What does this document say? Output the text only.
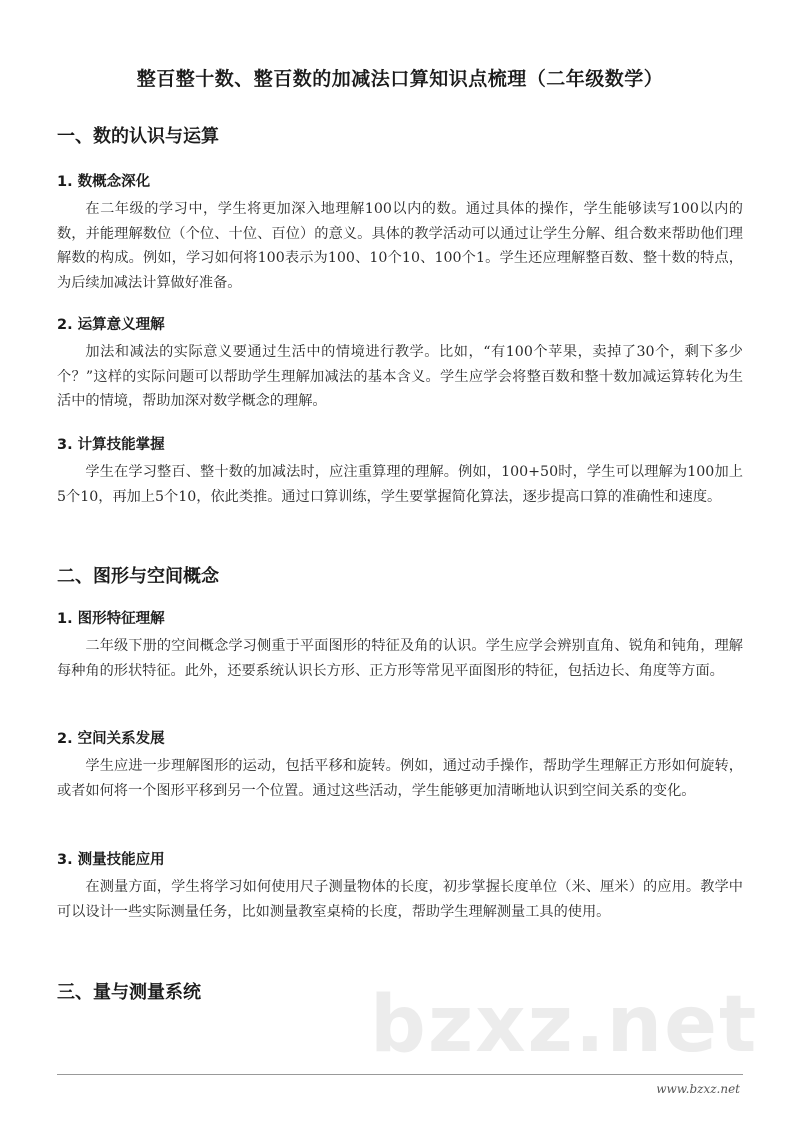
整百整十数、整百数的加减法口算知识点梳理（二年级数学）
一、数的认识与运算
1. 数概念深化

在二年级的学习中，学生将更加深入地理解100以内的数。通过具体的操作，学生能够读写100以内的数，并能理解数位（个位、十位、百位）的意义。具体的教学活动可以通过让学生分解、组合数来帮助他们理解数的构成。例如，学习如何将100表示为100、10个10、100个1。学生还应理解整百数、整十数的特点，为后续加减法计算做好准备。

2. 运算意义理解

加法和减法的实际意义要通过生活中的情境进行教学。比如，“有100个苹果，卖掉了30个，剩下多少个？”这样的实际问题可以帮助学生理解加减法的基本含义。学生应学会将整百数和整十数加减运算转化为生活中的情境，帮助加深对数学概念的理解。

3. 计算技能掌握

学生在学习整百、整十数的加减法时，应注重算理的理解。例如，100+50时，学生可以理解为100加上5个10，再加上5个10，依此类推。通过口算训练，学生要掌握简化算法，逐步提高口算的准确性和速度。

二、图形与空间概念
1. 图形特征理解

二年级下册的空间概念学习侧重于平面图形的特征及角的认识。学生应学会辨别直角、锐角和钝角，理解每种角的形状特征。此外，还要系统认识长方形、正方形等常见平面图形的特征，包括边长、角度等方面。

2. 空间关系发展

学生应进一步理解图形的运动，包括平移和旋转。例如，通过动手操作，帮助学生理解正方形如何旋转，或者如何将一个图形平移到另一个位置。通过这些活动，学生能够更加清晰地认识到空间关系的变化。

3. 测量技能应用

在测量方面，学生将学习如何使用尺子测量物体的长度，初步掌握长度单位（米、厘米）的应用。教学中可以设计一些实际测量任务，比如测量教室桌椅的长度，帮助学生理解测量工具的使用。

三、量与测量系统 bzxz.net
www.bzxz.net
